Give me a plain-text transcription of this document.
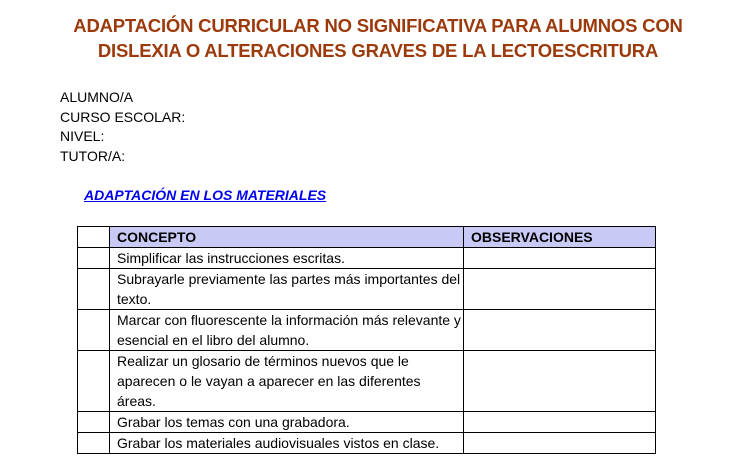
ADAPTACIÓN CURRICULAR NO SIGNIFICATIVA PARA ALUMNOS CON
DISLEXIA O ALTERACIONES GRAVES DE LA LECTOESCRITURA
ALUMNO/A
CURSO ESCOLAR:
NIVEL:
TUTOR/A:
ADAPTACIÓN EN LOS MATERIALES
	CONCEPTO	OBSERVACIONES
	Simplificar las instrucciones escritas.	
	Subrayarle previamente las partes más importantes del texto.	
	Marcar con fluorescente la información más relevante y esencial en el libro del alumno.	
	Realizar un glosario de términos nuevos que le aparecen o le vayan a aparecer en las diferentes áreas.	
	Grabar los temas con una grabadora.	
	Grabar los materiales audiovisuales vistos en clase.	
